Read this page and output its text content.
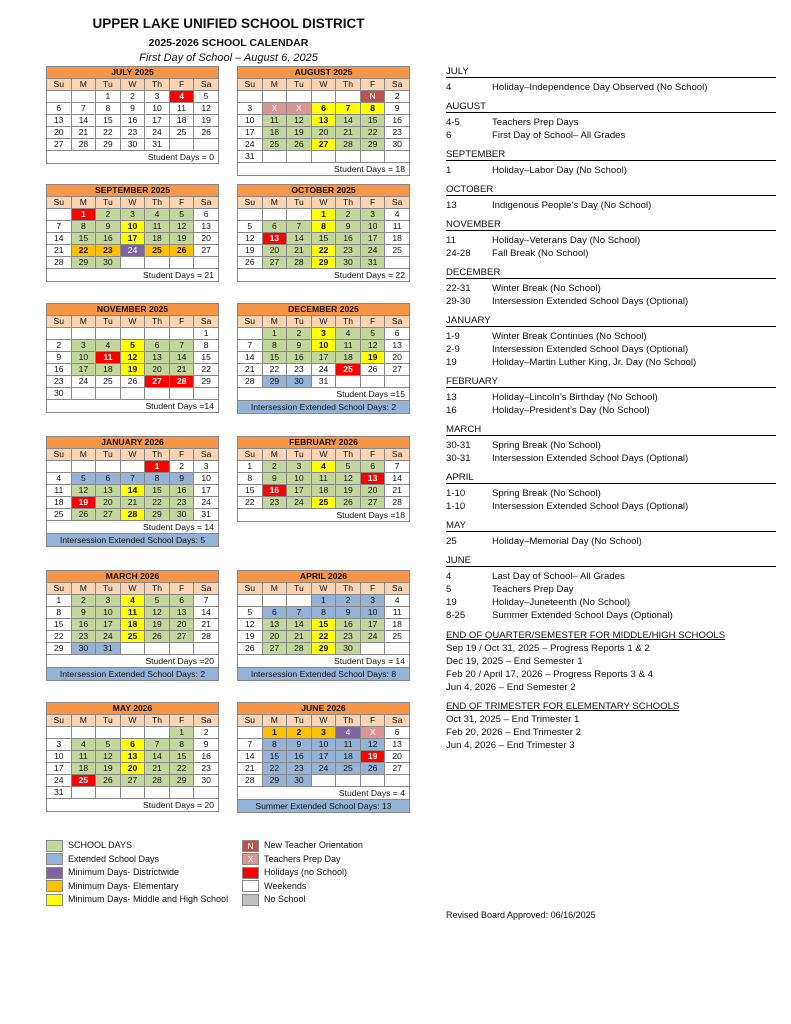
UPPER LAKE UNIFIED SCHOOL DISTRICT
2025-2026 SCHOOL CALENDAR
First Day of School – August 6, 2025
JULY 2025						
Su	M	Tu	W	Th	F	Sa
		1	2	3	4	5
6	7	8	9	10	11	12
13	14	15	16	17	18	19
20	21	22	23	24	25	26
27	28	29	30	31		
Student Days = 0
AUGUST 2025						
Su	M	Tu	W	Th	F	Sa
					N	2
3	X	X	6	7	8	9
10	11	12	13	14	15	16
17	18	19	20	21	22	23
24	25	26	27	28	29	30
31						
Student Days = 18
SEPTEMBER 2025						
Su	M	Tu	W	Th	F	Sa
	1	2	3	4	5	6
7	8	9	10	11	12	13
14	15	16	17	18	19	20
21	22	23	24	25	26	27
28	29	30				
Student Days = 21
OCTOBER 2025						
Su	M	Tu	W	Th	F	Sa
			1	2	3	4
5	6	7	8	9	10	11
12	13	14	15	16	17	18
19	20	21	22	23	24	25
26	27	28	29	30	31	
Student Days = 22
NOVEMBER 2025						
Su	M	Tu	W	Th	F	Sa
						1
2	3	4	5	6	7	8
9	10	11	12	13	14	15
16	17	18	19	20	21	22
23	24	25	26	27	28	29
30						
Student Days =14
DECEMBER 2025						
Su	M	Tu	W	Th	F	Sa
	1	2	3	4	5	6
7	8	9	10	11	12	13
14	15	16	17	18	19	20
21	22	23	24	25	26	27
28	29	30	31			
Student Days =15
Intersession Extended School Days: 2
JANUARY 2026						
Su	M	Tu	W	Th	F	Sa
				1	2	3
4	5	6	7	8	9	10
11	12	13	14	15	16	17
18	19	20	21	22	23	24
25	26	27	28	29	30	31
Student Days = 14
Intersession Extended School Days: 5
FEBRUARY 2026						
Su	M	Tu	W	Th	F	Sa
1	2	3	4	5	6	7
8	9	10	11	12	13	14
15	16	17	18	19	20	21
22	23	24	25	26	27	28
Student Days =18
MARCH 2026						
Su	M	Tu	W	Th	F	Sa
1	2	3	4	5	6	7
8	9	10	11	12	13	14
15	16	17	18	19	20	21
22	23	24	25	26	27	28
29	30	31				
Student Days =20
Intersession Extended School Days: 2
APRIL 2026						
Su	M	Tu	W	Th	F	Sa
			1	2	3	4
5	6	7	8	9	10	11
12	13	14	15	16	17	18
19	20	21	22	23	24	25
26	27	28	29	30		
Student Days = 14
Intersession Extended School Days: 8
MAY 2026						
Su	M	Tu	W	Th	F	Sa
					1	2
3	4	5	6	7	8	9
10	11	12	13	14	15	16
17	18	19	20	21	22	23
24	25	26	27	28	29	30
31						
Student Days = 20
JUNE 2026						
Su	M	Tu	W	Th	F	Sa
	1	2	3	4	X	6
7	8	9	10	11	12	13
14	15	16	17	18	19	20
21	22	23	24	25	26	27
28	29	30				
Student Days = 4
Summer Extended School Days: 13
JULY
4	Holiday–Independence Day Observed (No School)
AUGUST
4-5	Teachers Prep Days
6	First Day of School– All Grades
SEPTEMBER
1	Holiday–Labor Day (No School)
OCTOBER
13	Indigenous People’s Day (No School)
NOVEMBER
11	Holiday–Veterans Day (No School)
24-28 Fall Break (No School)
DECEMBER
22-31 Winter Break (No School)
29-30 Intersession Extended School Days (Optional)
JANUARY
1-9	Winter Break Continues (No School)
2-9	Intersession Extended School Days (Optional)
19	Holiday–Martin Luther King, Jr. Day (No School)
FEBRUARY
13	Holiday–Lincoln’s Birthday (No School)
16	Holiday–President’s Day (No School)
MARCH
30-31 Spring Break (No School)
30-31 Intersession Extended School Days (Optional)
APRIL
1-10	Spring Break (No School)
1-10	Intersession Extended School Days (Optional)
MAY
25	Holiday–Memorial Day (No School)
JUNE
4	Last Day of School– All Grades
5	Teachers Prep Day
19	Holiday–Juneteenth (No School)
8-25	Summer Extended School Days (Optional)
END OF QUARTER/SEMESTER FOR MIDDLE/HIGH SCHOOLS
Sep 19 / Oct 31, 2025 – Progress Reports 1 & 2
Dec 19, 2025 – End Semester 1
Feb 20 / April 17, 2026 – Progress Reports 3 & 4
Jun 4, 2026 – End Semester 2
END OF TRIMESTER FOR ELEMENTARY SCHOOLS
Oct 31, 2025 – End Trimester 1
Feb 20, 2026 – End Trimester 2
Jun 4, 2026 – End Trimester 3
SCHOOL DAYS
Extended School Days
Minimum Days- Districtwide
Minimum Days- Elementary
Minimum Days- Middle and High School
N New Teacher Orientation
X Teachers Prep Day
Holidays (no School)
Weekends
No School
Revised Board Approved: 06/16/2025
